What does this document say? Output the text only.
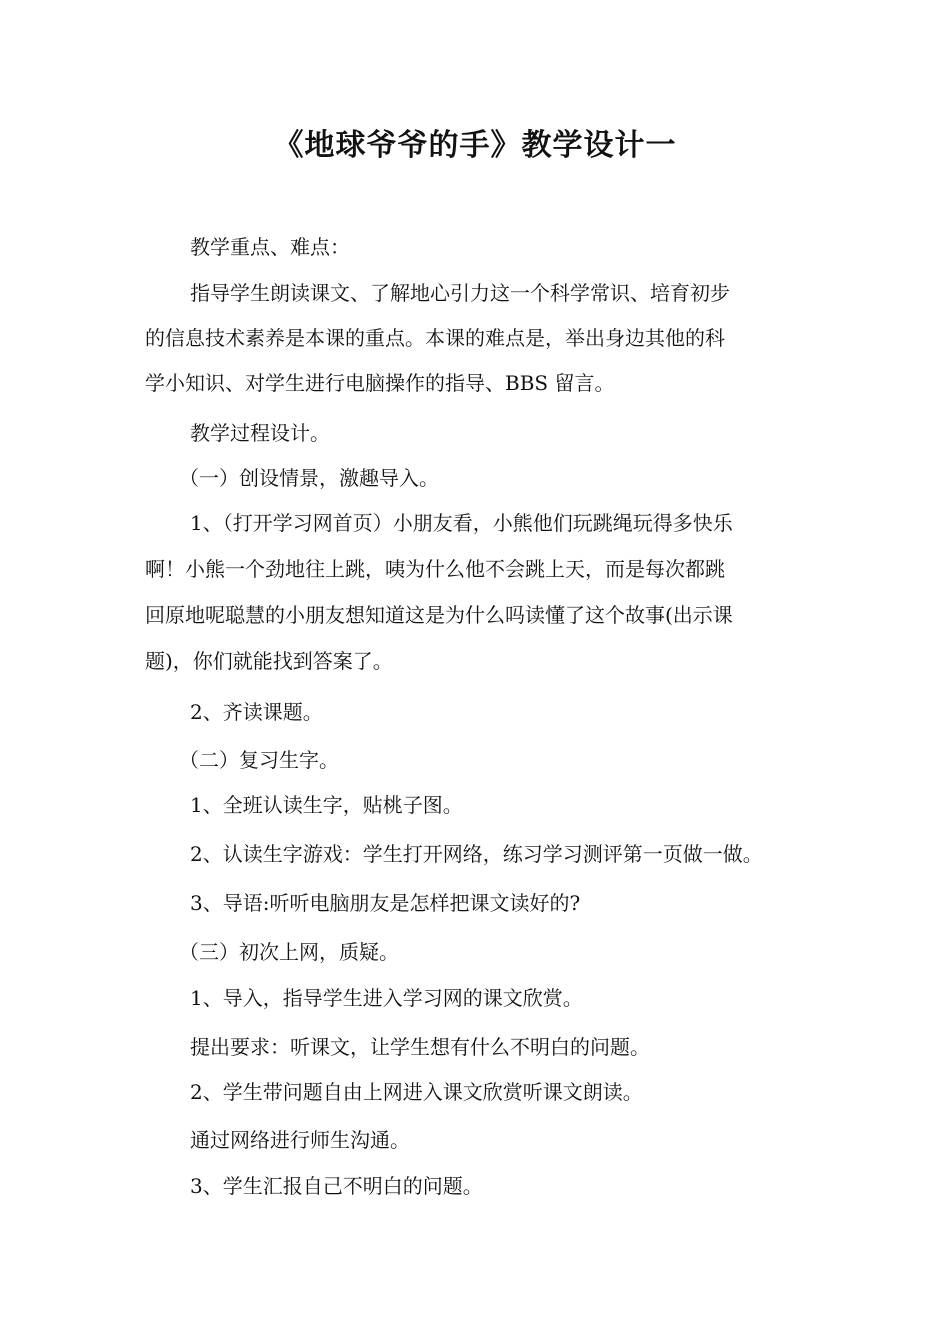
《地球爷爷的手》教学设计一

教学重点、难点：

指导学生朗读课文、了解地心引力这一个科学常识、培育初步

的信息技术素养是本课的重点。本课的难点是，举出身边其他的科

学小知识、对学生进行电脑操作的指导、BBS 留言。

教学过程设计。

（一）创设情景，激趣导入。

1、（打开学习网首页）小朋友看，小熊他们玩跳绳玩得多快乐

啊！小熊一个劲地往上跳，咦为什么他不会跳上天，而是每次都跳

回原地呢聪慧的小朋友想知道这是为什么吗读懂了这个故事(出示课

题)，你们就能找到答案了。

2、齐读课题。

（二）复习生字。

1、全班认读生字，贴桃子图。

2、认读生字游戏：学生打开网络，练习学习测评第一页做一做。

3、导语:听听电脑朋友是怎样把课文读好的?

（三）初次上网，质疑。

1、导入，指导学生进入学习网的课文欣赏。

提出要求：听课文，让学生想有什么不明白的问题。

2、学生带问题自由上网进入课文欣赏听课文朗读。

通过网络进行师生沟通。

3、学生汇报自己不明白的问题。
